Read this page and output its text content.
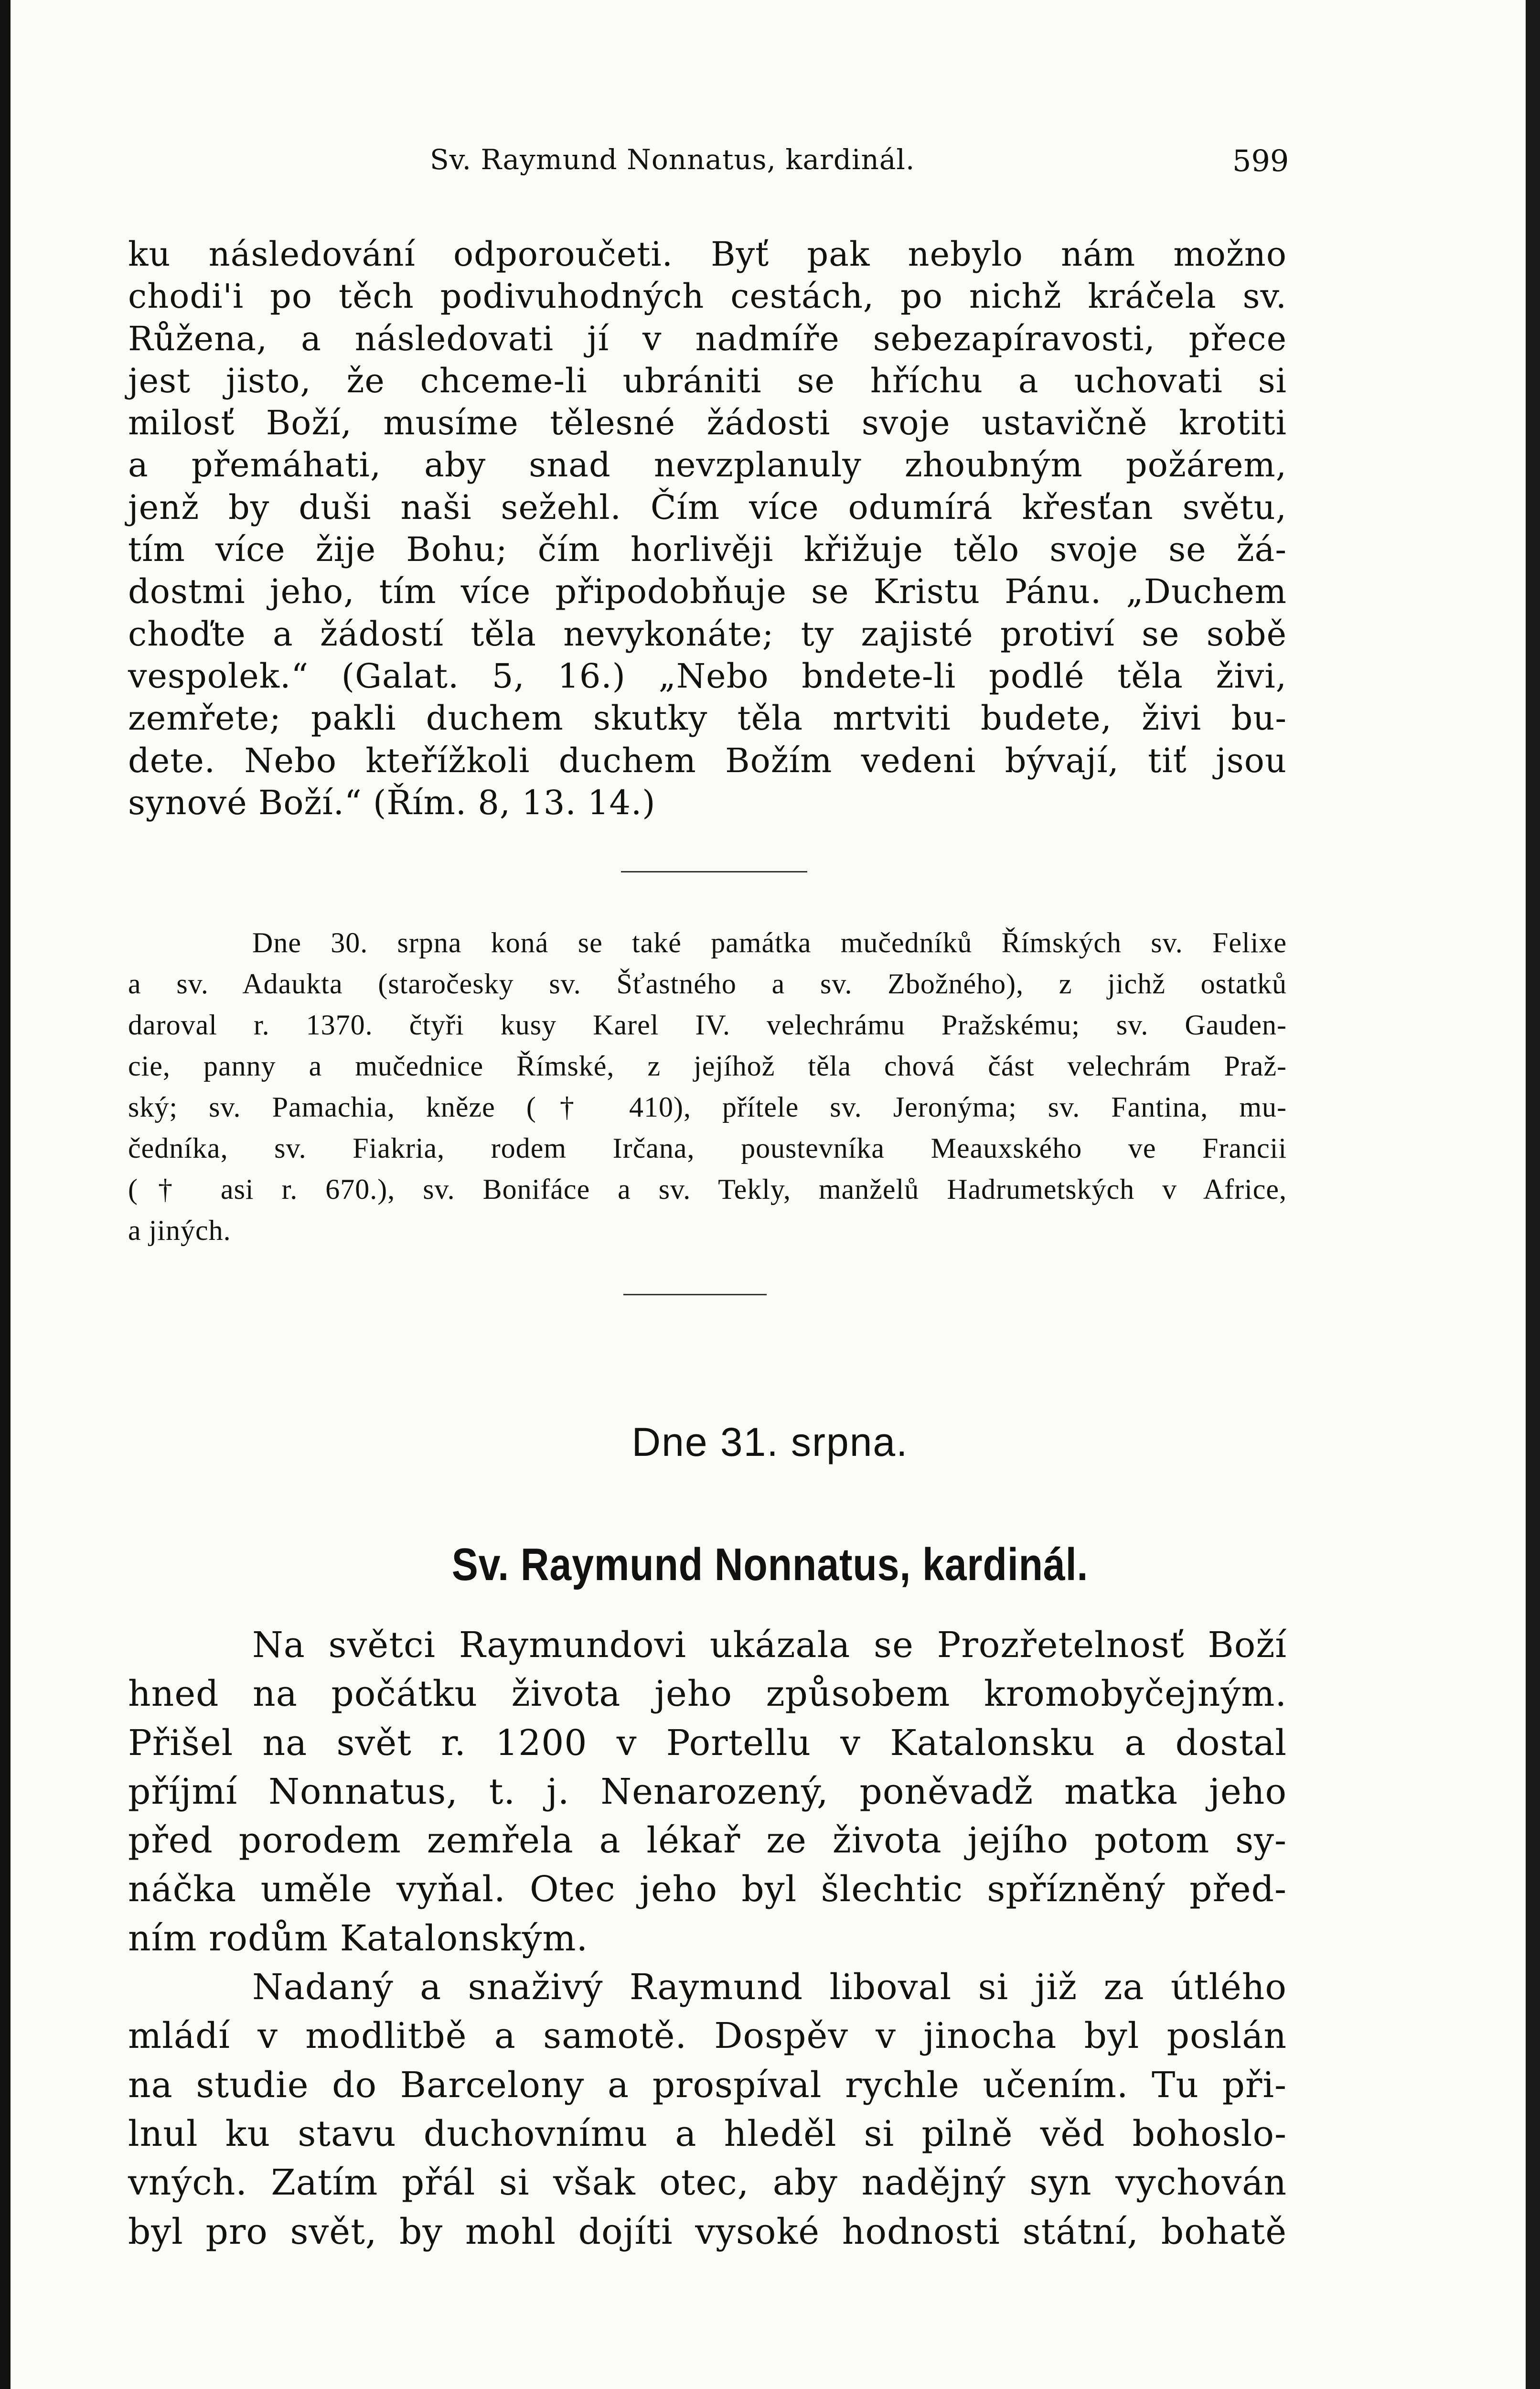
Sv. Raymund Nonnatus, kardinál.	599
ku následování odporoučeti. Byť pak nebylo nám možno
chodi'i po těch podivuhodných cestách, po nichž kráčela sv.
Růžena, a následovati jí v nadmíře sebezapíravosti, přece
jest jisto, že chceme-li ubrániti se hříchu a uchovati si
milosť Boží, musíme tělesné žádosti svoje ustavičně krotiti
a přemáhati, aby snad nevzplanuly zhoubným požárem,
jenž by duši naši sežehl. Čím více odumírá křesťan světu,
tím více žije Bohu; čím horlivěji křižuje tělo svoje se žá-
dostmi jeho, tím více připodobňuje se Kristu Pánu. „Duchem
choďte a žádostí těla nevykonáte; ty zajisté protiví se sobě
vespolek.“ (Galat. 5, 16.) „Nebo bndete-li podlé těla živi,
zemřete; pakli duchem skutky těla mrtviti budete, živi bu-
dete. Nebo kteřížkoli duchem Božím vedeni bývají, tiť jsou
synové Boží.“ (Řím. 8, 13. 14.)
Dne 30. srpna koná se také památka mučedníků Římských sv. Felixe
a sv. Adaukta (staročesky sv. Šťastného a sv. Zbožného), z jichž ostatků
daroval r. 1370. čtyři kusy Karel IV. velechrámu Pražskému; sv. Gauden-
cie, panny a mučednice Římské, z jejíhož těla chová část velechrám Praž-
ský; sv. Pamachia, kněze († 410), přítele sv. Jeronýma; sv. Fantina, mu-
čedníka, sv. Fiakria, rodem Irčana, poustevníka Meauxského ve Francii
(† asi r. 670.), sv. Bonifáce a sv. Tekly, manželů Hadrumetských v Africe,
a jiných.
Dne 31. srpna.
Sv. Raymund Nonnatus, kardinál.
Na světci Raymundovi ukázala se Prozřetelnosť Boží
hned na počátku života jeho způsobem kromobyčejným.
Přišel na svět r. 1200 v Portellu v Katalonsku a dostal
příjmí Nonnatus, t. j. Nenarozený, poněvadž matka jeho
před porodem zemřela a lékař ze života jejího potom sy-
náčka uměle vyňal. Otec jeho byl šlechtic spřízněný před-
ním rodům Katalonským.
Nadaný a snaživý Raymund liboval si již za útlého
mládí v modlitbě a samotě. Dospěv v jinocha byl poslán
na studie do Barcelony a prospíval rychle učením. Tu při-
lnul ku stavu duchovnímu a hleděl si pilně věd bohoslo-
vných. Zatím přál si však otec, aby nadějný syn vychován
byl pro svět, by mohl dojíti vysoké hodnosti státní, bohatě
